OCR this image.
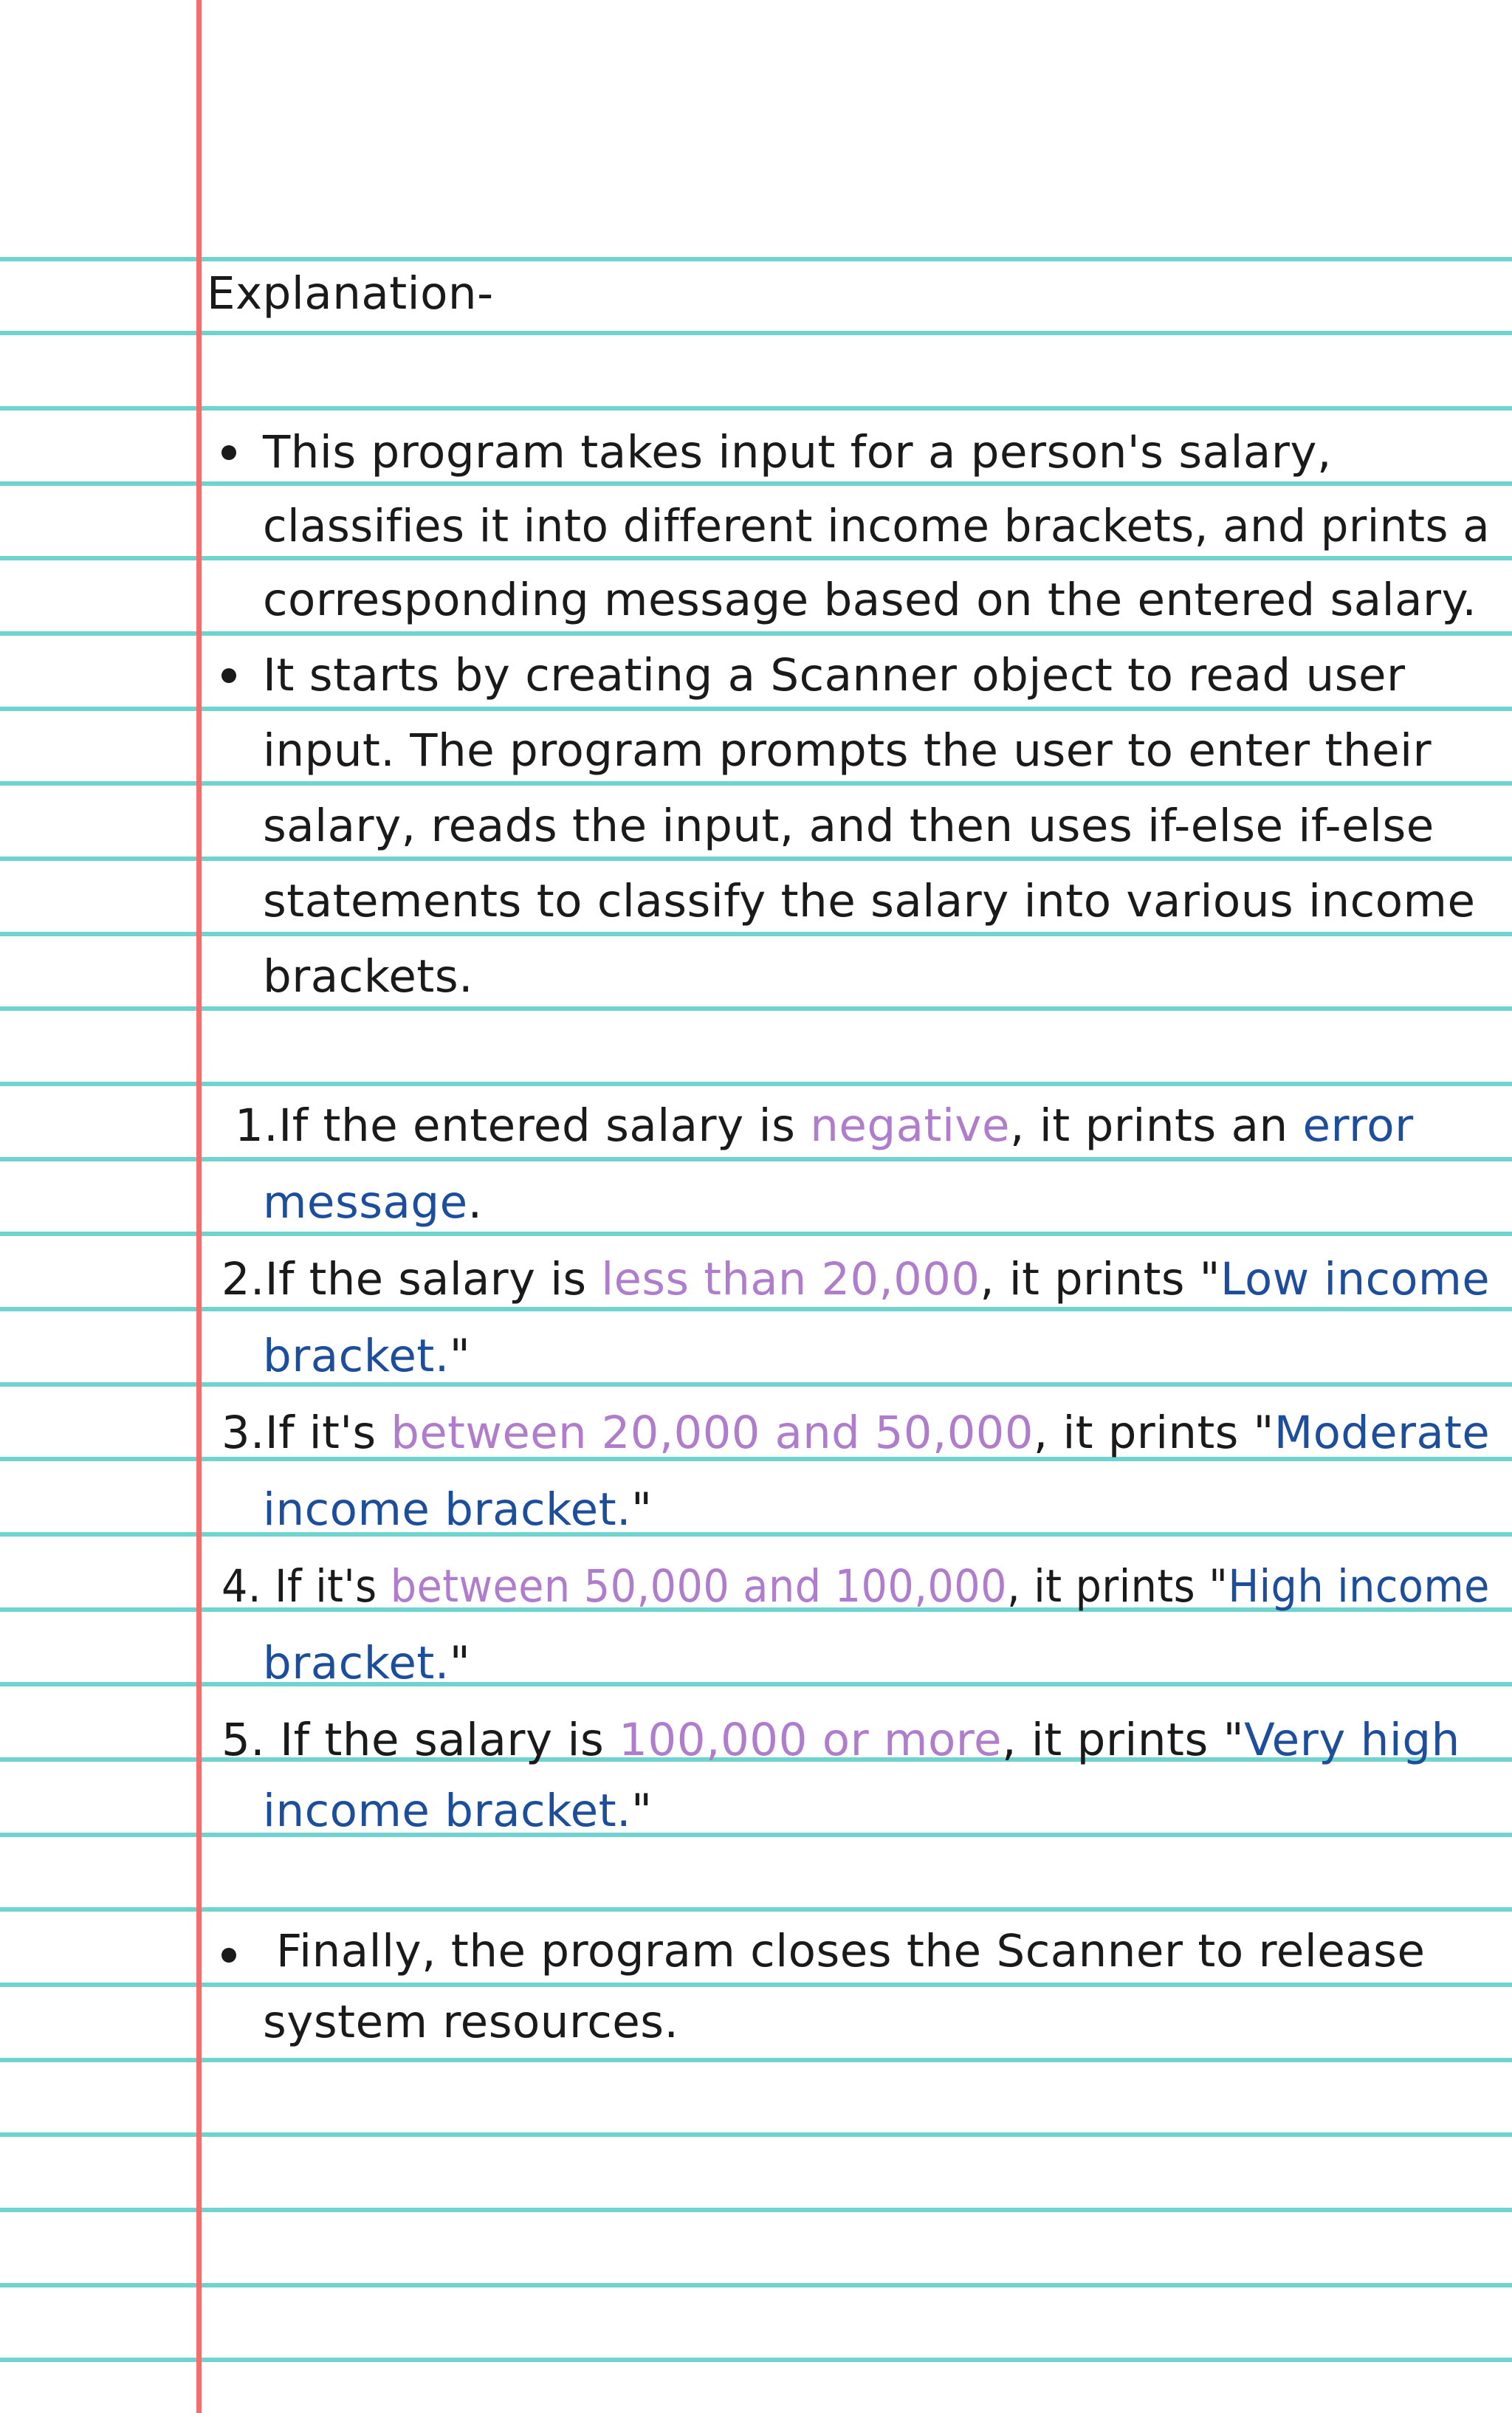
Explanation-
This program takes input for a person's salary,
classifies it into different income brackets, and prints a
corresponding message based on the entered salary.
It starts by creating a Scanner object to read user
input. The program prompts the user to enter their
salary, reads the input, and then uses if-else if-else
statements to classify the salary into various income
brackets.
1.If the entered salary is negative, it prints an error
message.
2.If the salary is less than 20,000, it prints "Low income
bracket."
3.If it's between 20,000 and 50,000, it prints "Moderate
income bracket."
4. If it's between 50,000 and 100,000, it prints "High income
bracket."
5. If the salary is 100,000 or more, it prints "Very high
income bracket."
Finally, the program closes the Scanner to release
system resources.
